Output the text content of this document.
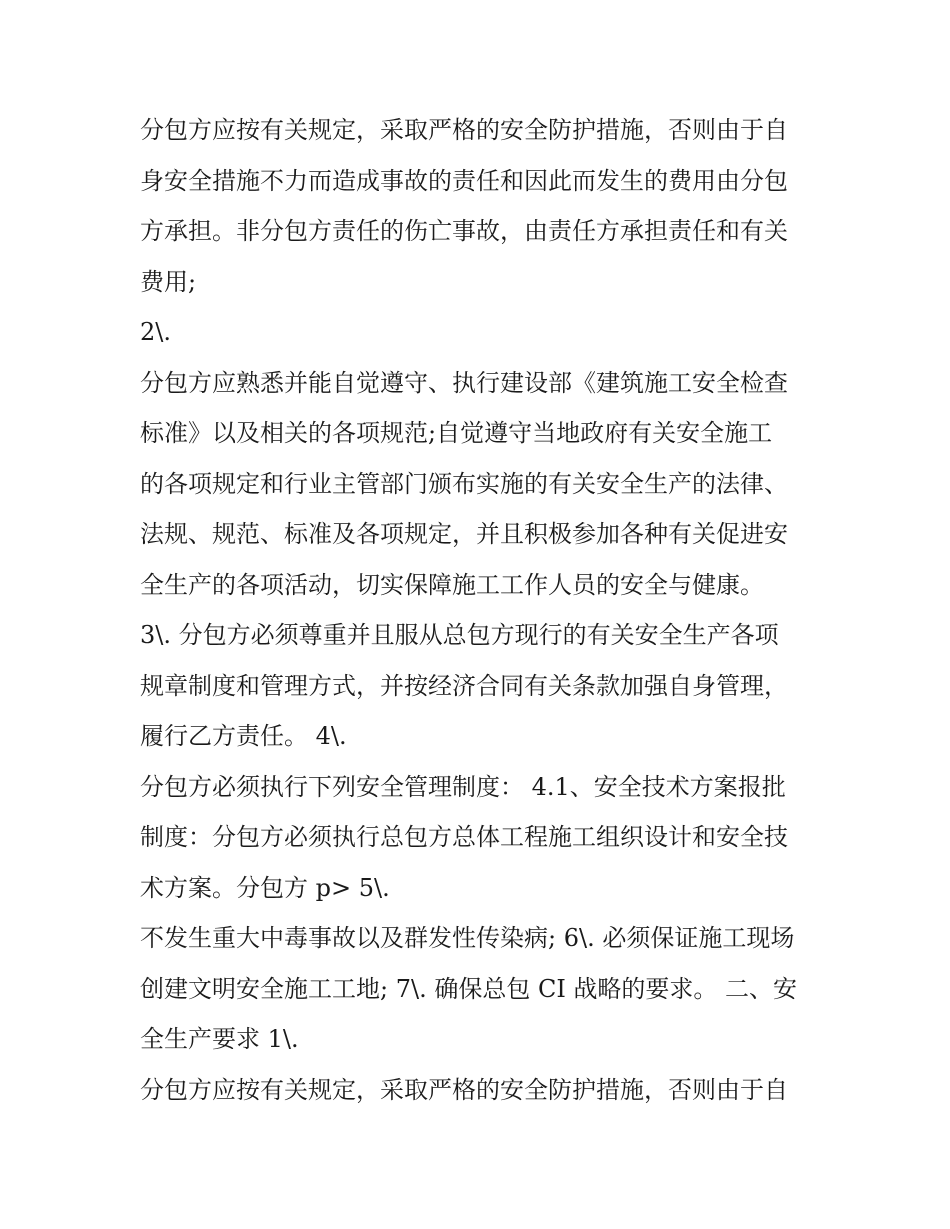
分包方应按有关规定，采取严格的安全防护措施，否则由于自
身安全措施不力而造成事故的责任和因此而发生的费用由分包
方承担。非分包方责任的伤亡事故，由责任方承担责任和有关
费用;
2\.
分包方应熟悉并能自觉遵守、执行建设部《建筑施工安全检查
标准》以及相关的各项规范;自觉遵守当地政府有关安全施工
的各项规定和行业主管部门颁布实施的有关安全生产的法律、
法规、规范、标准及各项规定，并且积极参加各种有关促进安
全生产的各项活动，切实保障施工工作人员的安全与健康。
3\. 分包方必须尊重并且服从总包方现行的有关安全生产各项
规章制度和管理方式，并按经济合同有关条款加强自身管理，
履行乙方责任。 4\.
分包方必须执行下列安全管理制度： 4.1、安全技术方案报批
制度：分包方必须执行总包方总体工程施工组织设计和安全技
术方案。分包方 p> 5\.
不发生重大中毒事故以及群发性传染病; 6\. 必须保证施工现场
创建文明安全施工工地; 7\. 确保总包 CI 战略的要求。 二、安
全生产要求 1\.
分包方应按有关规定，采取严格的安全防护措施，否则由于自
